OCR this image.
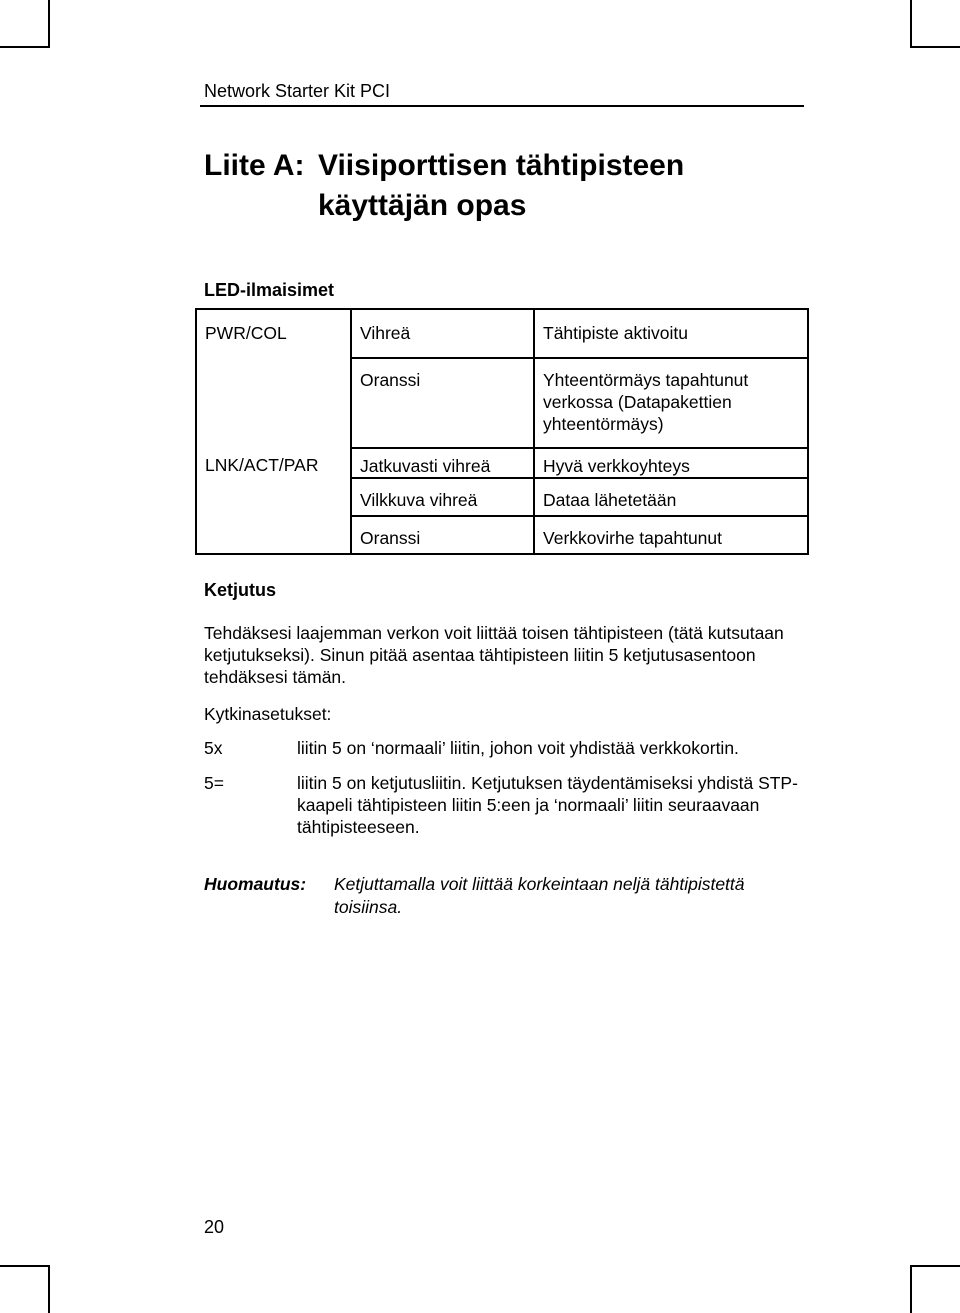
Network Starter Kit PCI
Liite A: Viisiporttisen tähtipisteen
käyttäjän opas
LED-ilmaisimet
PWR/COL	Vihreä	Tähtipiste aktivoitu
	Oranssi	Yhteentörmäys tapahtunut verkossa (Datapakettien yhteentörmäys)
LNK/ACT/PAR	Jatkuvasti vihreä	Hyvä verkkoyhteys
	Vilkkuva vihreä	Dataa lähetetään
	Oranssi	Verkkovirhe tapahtunut
Ketjutus
Tehdäksesi laajemman verkon voit liittää toisen tähtipisteen (tätä kutsutaan ketjutukseksi). Sinun pitää asentaa tähtipisteen liitin 5 ketjutusasentoon tehdäksesi tämän.
Kytkinasetukset:
5x	liitin 5 on ‘normaali’ liitin, johon voit yhdistää verkkokortin.
5=	liitin 5 on ketjutusliitin. Ketjutuksen täydentämiseksi yhdistä STP-kaapeli tähtipisteen liitin 5:een ja ‘normaali’ liitin seuraavaan tähtipisteeseen.
Huomautus: Ketjuttamalla voit liittää korkeintaan neljä tähtipistettä toisiinsa.
20
